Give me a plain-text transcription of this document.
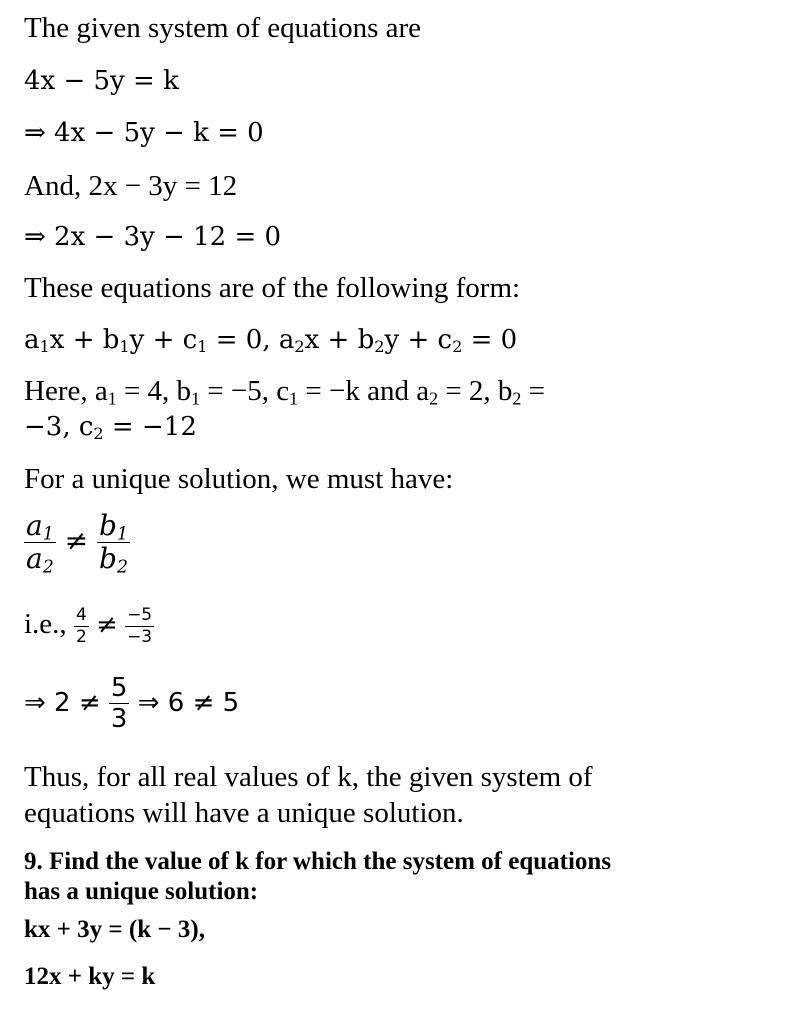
The given system of equations are
4x − 5y = k
⇒ 4x − 5y − k = 0
And, 2x − 3y = 12
⇒ 2x − 3y − 12 = 0
These equations are of the following form:
$a_1x + b_1y + c_1 = 0$, $a_2x + b_2y + c_2 = 0$
Here, $a_1 = 4$, $b_1 = -5$, $c_1 = -k$ and $a_2 = 2$, $b_2$ =
−3, $c_2 = -12$
For a unique solution, we must have:
$\frac{a_1}{a_2} \ne \frac{b_1}{b_2}$
i.e., $\frac{4}{2} \ne \frac{-5}{-3}$
⇒ $2 \ne \frac{5}{3}$ ⇒ 6 ≠ 5
Thus, for all real values of k, the given system of
equations will have a unique solution.
9. Find the value of k for which the system of equations
has a unique solution:
kx + 3y = (k − 3),
12x + ky = k
